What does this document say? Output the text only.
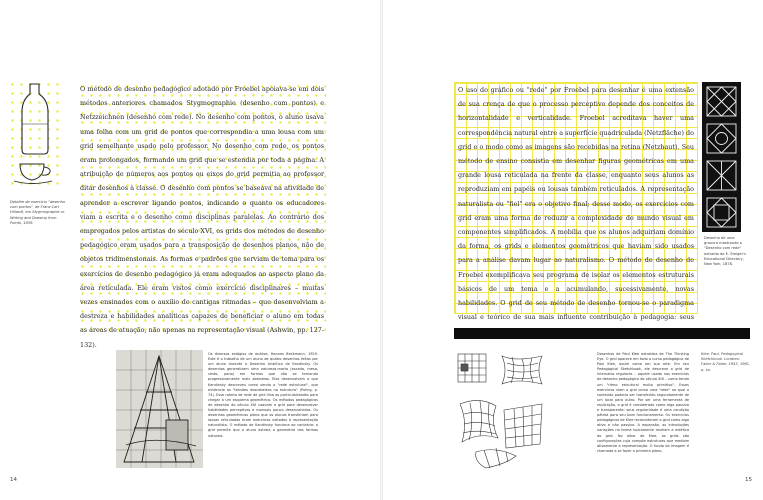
Detalhe de exercício "desenho com pontos", de Franz Carl Hillardt, em Stygmographie or Writing and Drawing from Points, 1839.
O método de desenho pedagógico adotado por Froebel apoiava-se em dois métodos anteriores chamados Stygmographie (desenho com pontos) e Netzzeichnen (desenho com rede). No desenho com pontos, o aluno usava uma folha com um grid de pontos que correspondia a uma lousa com um grid semelhante usado pelo professor. No desenho com rede, os pontos eram prolongados, formando um grid que se estendia por toda a página. A atribuição de números aos pontos ou eixos do grid permitia ao professor ditar desenhos à classe. O desenho com pontos se baseava na atividade de aprender a escrever ligando pontos, indicando o quanto os educadores viam a escrita e o desenho como disciplinas paralelas. Ao contrário dos empregados pelos artistas do século XVI, os grids dos métodos de desenho pedagógico eram usados para a transposição de desenhos planos, não de objetos tridimensionais. As formas e padrões que serviam de tema para os exercícios de desenho pedagógico já eram adequados ao aspecto plano da área reticulada. Ele eram vistos como exercício disciplinares – muitas vezes ensinados com o auxílio de cantigas ritmadas – que desenvolviam a destreza e habilidades analíticas capazes de beneficiar o aluno em todas as áreas de atuação, não apenas na representação visual (Ashwin, pp. 127-132).
Os diversos estágios de análise, Hannes Beckmann, 1929. Este é o trabalho de um aluno de quatro desenhos feitos por um aluno durante o Desenho Analítico de Kandinsky. Os desenhos generalizam uma natureza-morta (escada, mesa, cesto, pano) em formas que vão se tornando progressivamente mais abstratas. Eles desenvolvem o que Kandinsky descreveu como sendo a "rede estrutural", que evidencia as "tensões descobertas na estrutura" (Poling, p. 74). Esse roteiro de rede de grid ilina as particularidades para chegar a um esquema geométrico. Os métodos pedagógicos de desenho do século XIX usavam o grid para desenvolver habilidades perceptivas e manuais pouco desenvolvidas. Os desenhos geométricos pleno que os alunos transferiam para lousas reticuladas eram exercícios voltados à representação naturalista. O método de Kandinsky funciona ao contrário: o grid permite que o aluno extraia a geometria das formas naturais.
14
O uso do gráfico ou "rede" por Froebel para desenhar é uma extensão de sua crença de que o processo perceptivo depende dos conceitos de horizontalidade e verticalidade. Froebel acreditava haver uma correspondência natural entre a superfície quadriculada (Netzfläche) do grid e o modo como as imagens são recebidas na retina (Netzhaut). Seu método de ensino consistia em desenhar figuras geométricas em uma grande lousa reticulada na frente da classe, enquanto seus alunos as reproduziam em papéis ou lousas também reticulados. A representação naturalista ou "fiel" era o objetivo final; desse modo, os exercícios com grid eram uma forma de reduzir a complexidade do mundo visual em componentes simplificados. A mobília que os alunos adquiriam domínio da forma, os grids e elementos geométricos que haviam sido usados para a análise davam lugar ao naturalismo. O método de desenho de Froebel exemplificava seu programa de isolar os elementos estruturais básicos de um tema e a acumulando, sucessivamente, novas habilidades. O grid de seu método de desenho tornou-se o paradigma visual e teórico de sua mais influente contribuição à pedagogia: seus
Desenho de uma gravura mostrando o "Desenho com rede" extraído de E. Steiger's Educational Directory, New York, 1878.
Desenhos de Paul Klee extraídos de The Thinking Eye. O grid aparece em todo o curso pedagógico de Paul Klee, assim como em sua arte. Em seu Pedagogical Sketchbook, ele descreve o grid de intervalos regulares – aquele usado nos exercícios de desenho pedagógico do século XIX – como tendo um "ritmo estrutural muito primitivo". Esses exercícios viam o grid como uma "rede" no qual o conteúdo poderia ser transferido segundamente de um local para outro. Por ser uma ferramenta de replicação, o grid é considerado como algo passivo e transparente: seus regularidade é uma condição pétrea para seu bom funcionamento. Os exercícios pedagógicos de Klee reconsideram o grid como algo ativo e não passivo. A expansão, as introduções variações na forma tipicamente revelam a estética do grid. No olhar de Klee, os grids são configurações cuja compõe estruturas que mediam ativamente a representação. O fundo da imagem é chamado a se fazer a primeira plano.
Klee, Paul. Pedagogical Sketchbook. Londres: Faber & Faber, 1953, 1961, p. xx.
15
